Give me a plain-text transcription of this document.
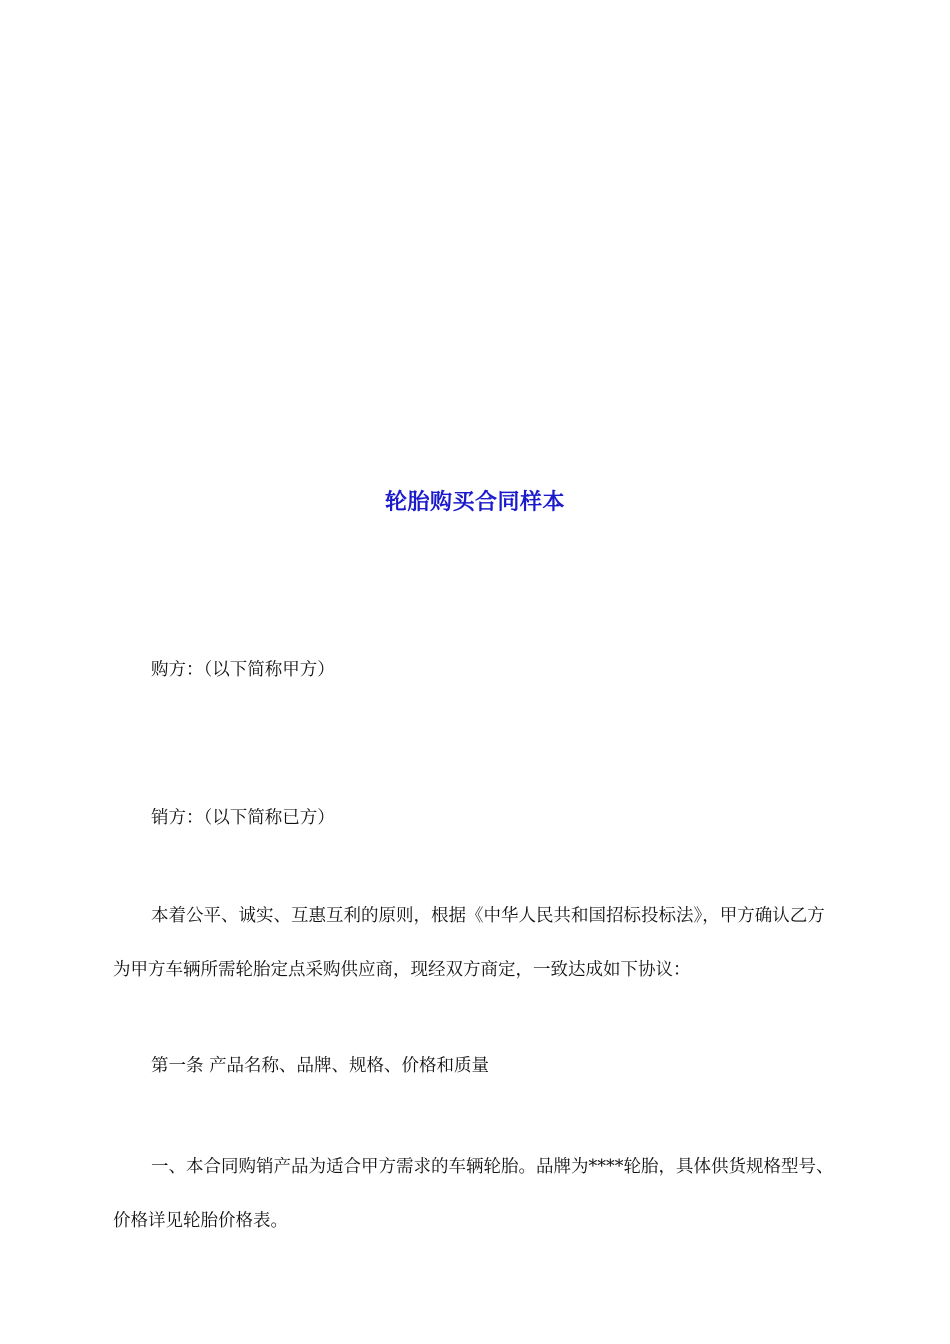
轮胎购买合同样本

购方：（以下简称甲方）

销方：（以下简称已方）

本着公平、诚实、互惠互利的原则，根据《中华人民共和国招标投标法》，甲方确认乙方为甲方车辆所需轮胎定点采购供应商，现经双方商定，一致达成如下协议：

第一条 产品名称、品牌、规格、价格和质量

一、本合同购销产品为适合甲方需求的车辆轮胎。品牌为****轮胎，具体供货规格型号、价格详见轮胎价格表。
